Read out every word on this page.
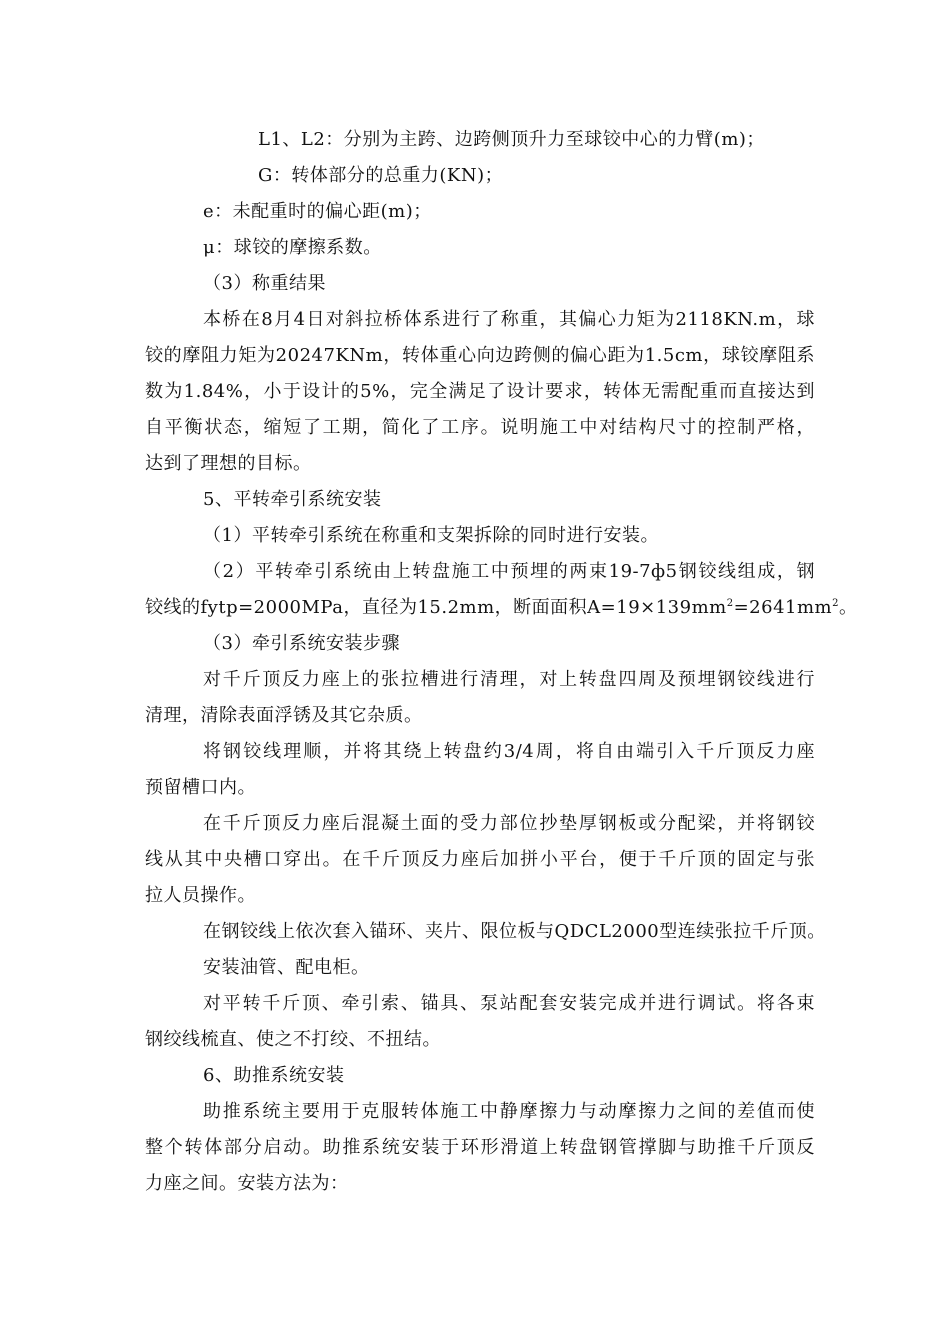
L1、L2：分别为主跨、边跨侧顶升力至球铰中心的力臂(m)；
G：转体部分的总重力(KN)；
e：未配重时的偏心距(m)；
μ：球铰的摩擦系数。
（3）称重结果
本桥在8月4日对斜拉桥体系进行了称重，其偏心力矩为2118KN.m，球
铰的摩阻力矩为20247KNm，转体重心向边跨侧的偏心距为1.5cm，球铰摩阻系
数为1.84%，小于设计的5%，完全满足了设计要求，转体无需配重而直接达到
自平衡状态，缩短了工期，简化了工序。说明施工中对结构尺寸的控制严格，
达到了理想的目标。
5、平转牵引系统安装
（1）平转牵引系统在称重和支架拆除的同时进行安装。
（2）平转牵引系统由上转盘施工中预埋的两束19-7ф5钢铰线组成，钢
铰线的fytp=2000MPa，直径为15.2mm，断面面积$A=19\times 139mm^2=2641mm^2$。
（3）牵引系统安装步骤
对千斤顶反力座上的张拉槽进行清理，对上转盘四周及预埋钢铰线进行
清理，清除表面浮锈及其它杂质。
将钢铰线理顺，并将其绕上转盘约3/4周，将自由端引入千斤顶反力座
预留槽口内。
在千斤顶反力座后混凝土面的受力部位抄垫厚钢板或分配梁，并将钢铰
线从其中央槽口穿出。在千斤顶反力座后加拼小平台，便于千斤顶的固定与张
拉人员操作。
在钢铰线上依次套入锚环、夹片、限位板与QDCL2000型连续张拉千斤顶。
安装油管、配电柜。
对平转千斤顶、牵引索、锚具、泵站配套安装完成并进行调试。将各束
钢绞线梳直、使之不打绞、不扭结。
6、助推系统安装
助推系统主要用于克服转体施工中静摩擦力与动摩擦力之间的差值而使
整个转体部分启动。助推系统安装于环形滑道上转盘钢管撑脚与助推千斤顶反
力座之间。安装方法为：
